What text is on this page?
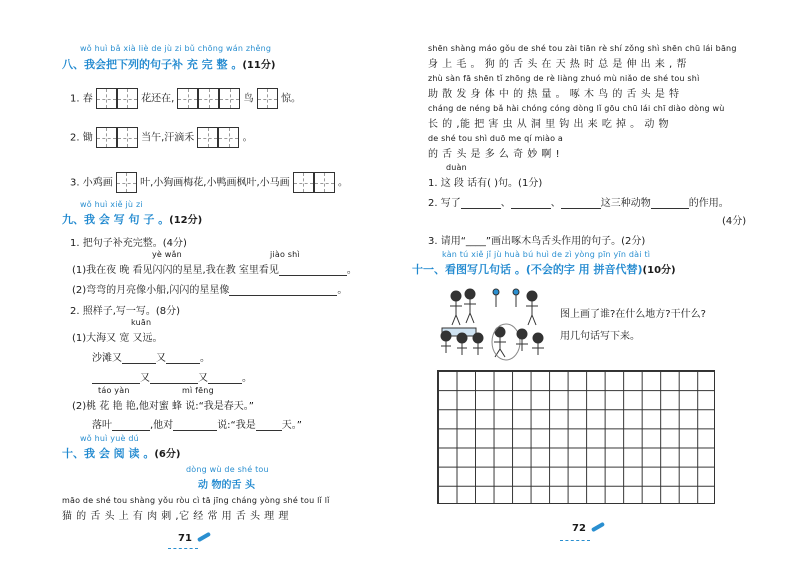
wǒ huì bǎ xià liè de jù zi bǔ chōng wán zhěng
八、我会把下列的句子补 充 完 整 。(11分)
1. 春	花还在,	鸟	惊。
2. 锄	当午,汗滴禾	。
3. 小鸡画	叶,小狗画梅花,小鸭画枫叶,小马画	。
wǒ huì xiě jù zi
九、我 会 写 句 子 。(12分)
1. 把句子补充完整。(4分)
yè wǎn	jiào shì
(1)我在夜 晚 看见闪闪的星星,我在教 室里看见	。
(2)弯弯的月亮像小船,闪闪的星星像	。
2. 照样子,写一写。(8分)
kuān
(1)大海又 宽 又远。
沙滩又	又	。
又	又	。
táo yàn	mì fēng
(2)桃 花 艳 艳,他对蜜 蜂 说:“我是春天。”
落叶	,他对	说:“我是	天。”
wǒ huì yuè dú
十、我 会 阅 读 。(6分)
dòng wù de shé tou
动 物的舌 头
māo de shé tou shàng yǒu ròu cì tā jīng cháng yòng shé tou lǐ lǐ
猫 的 舌 头 上 有 肉 刺 ,它 经 常 用 舌 头 理 理
71
shēn shàng máo gǒu de shé tou zài tiān rè shí zǒng shì shēn chū lái bāng
身 上 毛 。 狗 的 舌 头 在 天 热 时 总 是 伸 出 来 , 帮
zhù sàn fā shēn tǐ zhōng de rè liàng zhuó mù niǎo de shé tou shì
助 散 发 身 体 中 的 热 量 。 啄 木 鸟 的 舌 头 是 特
cháng de néng bǎ hài chóng cóng dòng lǐ gōu chū lái chī diào dòng wù
长 的 ,能 把 害 虫 从 洞 里 钩 出 来 吃 掉 。 动 物
de shé tou shì duō me qí miào a
的 舌 头 是 多 么 奇 妙 啊 !
duàn
1. 这 段 话有( )句。(1分)
2. 写了	、	、	这三种动物	的作用。
(4分)
3. 请用“____”画出啄木鸟舌头作用的句子。(2分)
kàn tú xiě jǐ jù huà bú huì de zì yòng pīn yīn dài tì
十一、看图写几句话 。(不会的字 用 拼音代替)(10分)
图上画了谁?在什么地方?干什么?
用几句话写下来。
72
